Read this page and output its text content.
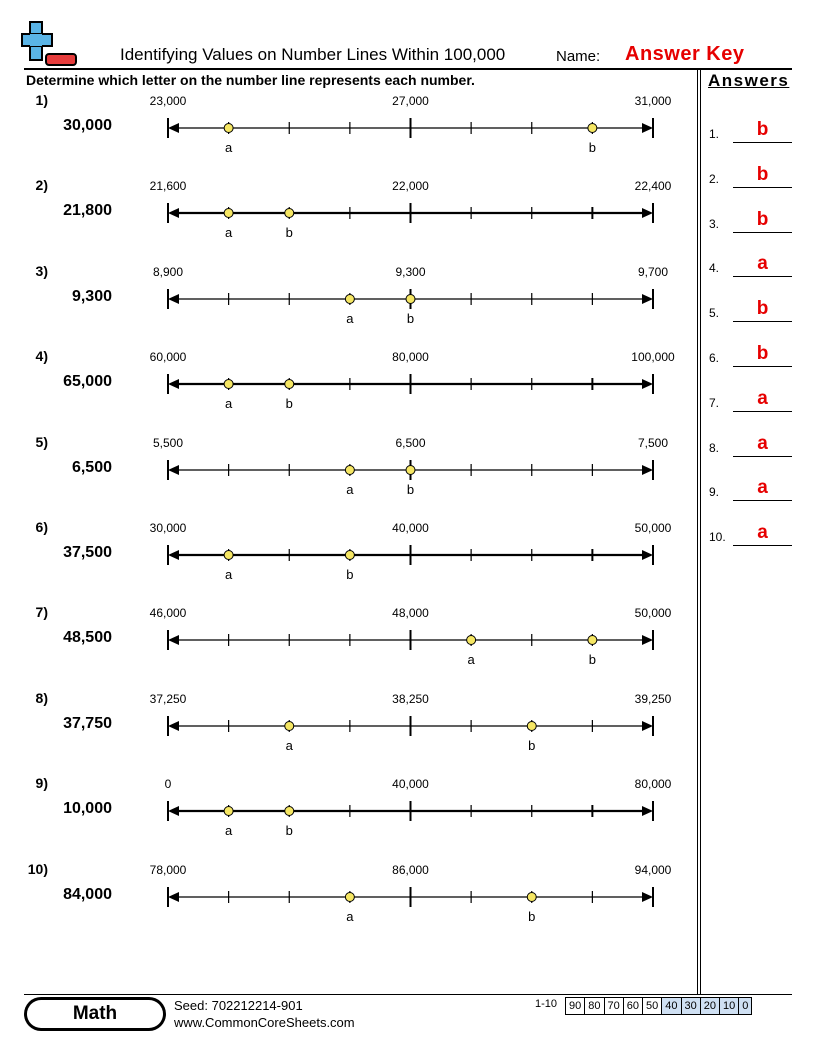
Identifying Values on Number Lines Within 100,000	Name: Answer Key
Determine which letter on the number line represents each number.	Answers
1.	b
2.	b
3.	b
4.	a
5.	b
6.	b
7.	a
8.	a
9.	a
10.	a
1)
30,000
23,000	27,000	31,000
a	b
2)
21,800
21,600	22,000	22,400
a	b
3)
9,300
8,900	9,300	9,700
a	b
4)
65,000
60,000	80,000	100,000
a	b
5)
6,500
5,500	6,500	7,500
a	b
6)
37,500
30,000	40,000	50,000
a	b
7)
48,500
46,000	48,000	50,000
a	b
8)
37,750
37,250	38,250	39,250
a	b
9)
10,000
0	40,000	80,000
a	b
10)
84,000
78,000	86,000	94,000
a	b
Math	Seed: 702212214-901
www.CommonCoreSheets.com
1-10 90 80 70 60 50 40 30 20 10 0
